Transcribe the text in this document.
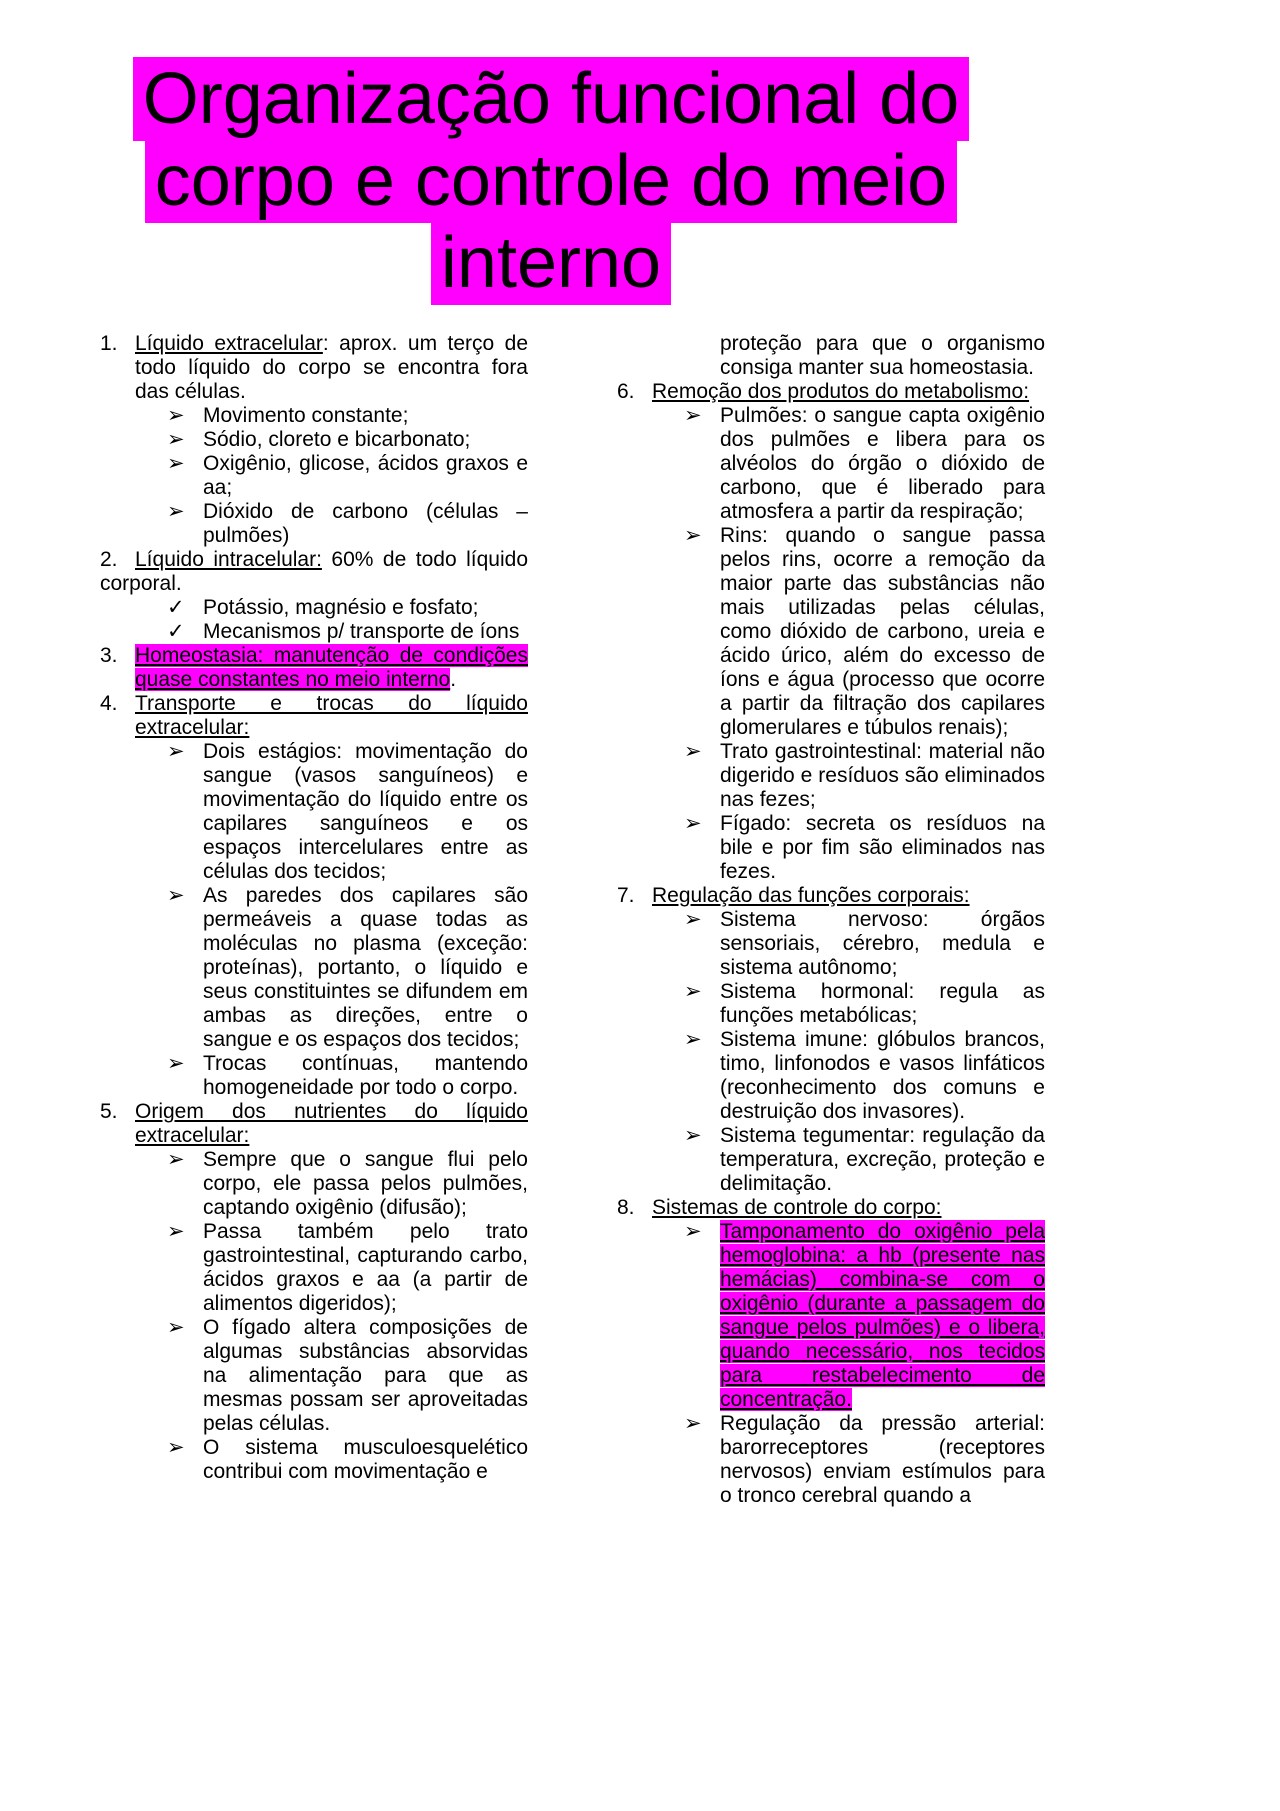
Organização funcional do
corpo e controle do meio
interno
1. Líquido extracelular: aprox. um terço de todo líquido do corpo se encontra fora das células.
➢ Movimento constante;
➢ Sódio, cloreto e bicarbonato;
➢ Oxigênio, glicose, ácidos graxos e aa;
➢ Dióxido de carbono (células – pulmões)
2. Líquido intracelular: 60% de todo líquido corporal.
✓ Potássio, magnésio e fosfato;
✓ Mecanismos p/ transporte de íons
3. Homeostasia: manutenção de condições quase constantes no meio interno.
4. Transporte e trocas do líquido extracelular:
➢ Dois estágios: movimentação do sangue (vasos sanguíneos) e movimentação do líquido entre os capilares sanguíneos e os espaços intercelulares entre as células dos tecidos;
➢ As paredes dos capilares são permeáveis a quase todas as moléculas no plasma (exceção: proteínas), portanto, o líquido e seus constituintes se difundem em ambas as direções, entre o sangue e os espaços dos tecidos;
➢ Trocas contínuas, mantendo homogeneidade por todo o corpo.
5. Origem dos nutrientes do líquido extracelular:
➢ Sempre que o sangue flui pelo corpo, ele passa pelos pulmões, captando oxigênio (difusão);
➢ Passa também pelo trato gastrointestinal, capturando carbo, ácidos graxos e aa (a partir de alimentos digeridos);
➢ O fígado altera composições de algumas substâncias absorvidas na alimentação para que as mesmas possam ser aproveitadas pelas células.
➢ O sistema musculoesquelético contribui com movimentação e
proteção para que o organismo consiga manter sua homeostasia.
6. Remoção dos produtos do metabolismo:
➢ Pulmões: o sangue capta oxigênio dos pulmões e libera para os alvéolos do órgão o dióxido de carbono, que é liberado para atmosfera a partir da respiração;
➢ Rins: quando o sangue passa pelos rins, ocorre a remoção da maior parte das substâncias não mais utilizadas pelas células, como dióxido de carbono, ureia e ácido úrico, além do excesso de íons e água (processo que ocorre a partir da filtração dos capilares glomerulares e túbulos renais);
➢ Trato gastrointestinal: material não digerido e resíduos são eliminados nas fezes;
➢ Fígado: secreta os resíduos na bile e por fim são eliminados nas fezes.
7. Regulação das funções corporais:
➢ Sistema nervoso: órgãos sensoriais, cérebro, medula e sistema autônomo;
➢ Sistema hormonal: regula as funções metabólicas;
➢ Sistema imune: glóbulos brancos, timo, linfonodos e vasos linfáticos (reconhecimento dos comuns e destruição dos invasores).
➢ Sistema tegumentar: regulação da temperatura, excreção, proteção e delimitação.
8. Sistemas de controle do corpo:
➢ Tamponamento do oxigênio pela hemoglobina: a hb (presente nas hemácias) combina-se com o oxigênio (durante a passagem do sangue pelos pulmões) e o libera, quando necessário, nos tecidos para restabelecimento de concentração.
➢ Regulação da pressão arterial: barorreceptores (receptores nervosos) enviam estímulos para o tronco cerebral quando a
